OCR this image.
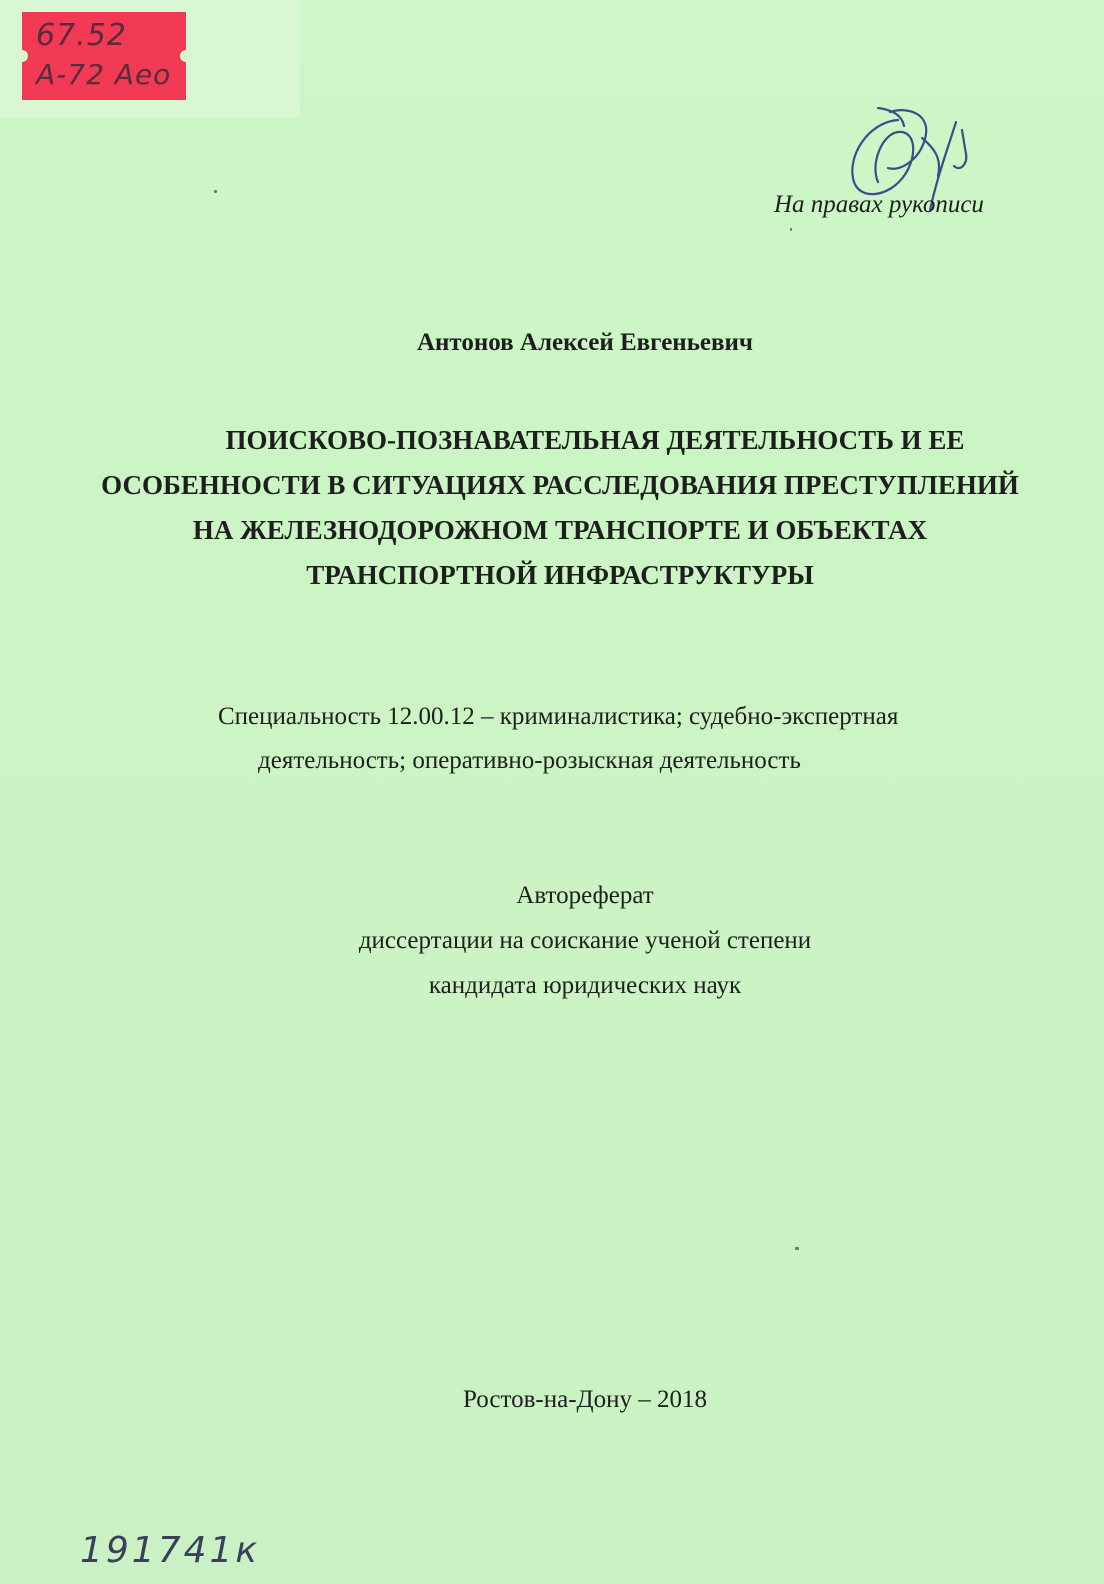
67.52
А-72 Аео
На правах рукописи
Антонов Алексей Евгеньевич
ПОИСКОВО-ПОЗНАВАТЕЛЬНАЯ ДЕЯТЕЛЬНОСТЬ И ЕЕ
ОСОБЕННОСТИ В СИТУАЦИЯХ РАССЛЕДОВАНИЯ ПРЕСТУПЛЕНИЙ
НА ЖЕЛЕЗНОДОРОЖНОМ ТРАНСПОРТЕ И ОБЪЕКТАХ
ТРАНСПОРТНОЙ ИНФРАСТРУКТУРЫ
Специальность 12.00.12 – криминалистика; судебно-экспертная
деятельность; оперативно-розыскная деятельность
Автореферат
диссертации на соискание ученой степени
кандидата юридических наук
Ростов-на-Дону – 2018
191741к
